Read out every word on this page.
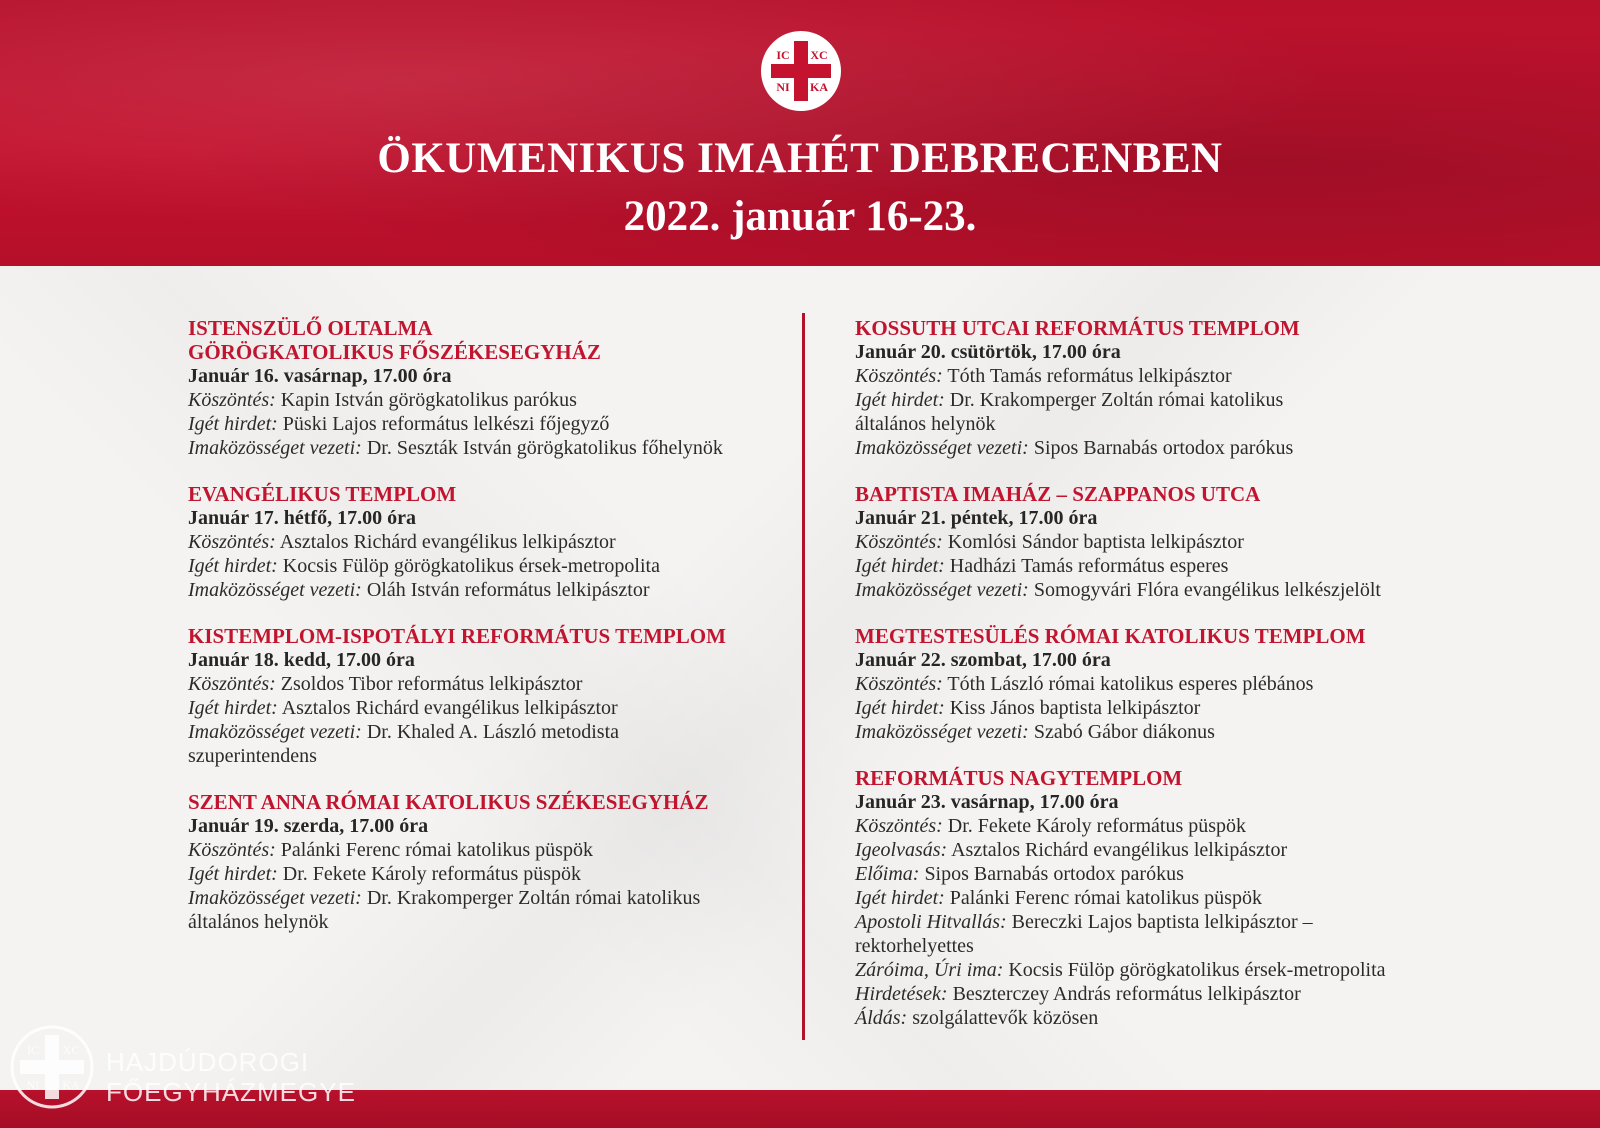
IC XC
NI KA
ÖKUMENIKUS IMAHÉT DEBRECENBEN
2022. január 16-23.
ISTENSZÜLŐ OLTALMA
GÖRÖGKATOLIKUS FŐSZÉKESEGYHÁZ
Január 16. vasárnap, 17.00 óra
Köszöntés: Kapin István görögkatolikus parókus
Igét hirdet: Püski Lajos református lelkészi főjegyző
Imaközösséget vezeti: Dr. Seszták István görögkatolikus főhelynök
EVANGÉLIKUS TEMPLOM
Január 17. hétfő, 17.00 óra
Köszöntés: Asztalos Richárd evangélikus lelkipásztor
Igét hirdet: Kocsis Fülöp görögkatolikus érsek-metropolita
Imaközösséget vezeti: Oláh István református lelkipásztor
KISTEMPLOM-ISPOTÁLYI REFORMÁTUS TEMPLOM
Január 18. kedd, 17.00 óra
Köszöntés: Zsoldos Tibor református lelkipásztor
Igét hirdet: Asztalos Richárd evangélikus lelkipásztor
Imaközösséget vezeti: Dr. Khaled A. László metodista
szuperintendens
SZENT ANNA RÓMAI KATOLIKUS SZÉKESEGYHÁZ
Január 19. szerda, 17.00 óra
Köszöntés: Palánki Ferenc római katolikus püspök
Igét hirdet: Dr. Fekete Károly református püspök
Imaközösséget vezeti: Dr. Krakomperger Zoltán római katolikus
általános helynök
KOSSUTH UTCAI REFORMÁTUS TEMPLOM
Január 20. csütörtök, 17.00 óra
Köszöntés: Tóth Tamás református lelkipásztor
Igét hirdet: Dr. Krakomperger Zoltán római katolikus
általános helynök
Imaközösséget vezeti: Sipos Barnabás ortodox parókus
BAPTISTA IMAHÁZ – SZAPPANOS UTCA
Január 21. péntek, 17.00 óra
Köszöntés: Komlósi Sándor baptista lelkipásztor
Igét hirdet: Hadházi Tamás református esperes
Imaközösséget vezeti: Somogyvári Flóra evangélikus lelkészjelölt
MEGTESTESÜLÉS RÓMAI KATOLIKUS TEMPLOM
Január 22. szombat, 17.00 óra
Köszöntés: Tóth László római katolikus esperes plébános
Igét hirdet: Kiss János baptista lelkipásztor
Imaközösséget vezeti: Szabó Gábor diákonus
REFORMÁTUS NAGYTEMPLOM
Január 23. vasárnap, 17.00 óra
Köszöntés: Dr. Fekete Károly református püspök
Igeolvasás: Asztalos Richárd evangélikus lelkipásztor
Előima: Sipos Barnabás ortodox parókus
Igét hirdet: Palánki Ferenc római katolikus püspök
Apostoli Hitvallás: Bereczki Lajos baptista lelkipásztor –
rektorhelyettes
Záróima, Úri ima: Kocsis Fülöp görögkatolikus érsek-metropolita
Hirdetések: Beszterczey András református lelkipásztor
Áldás: szolgálattevők közösen
IC XC
NI KA
HAJDÚDOROGI
FŐEGYHÁZMEGYE
